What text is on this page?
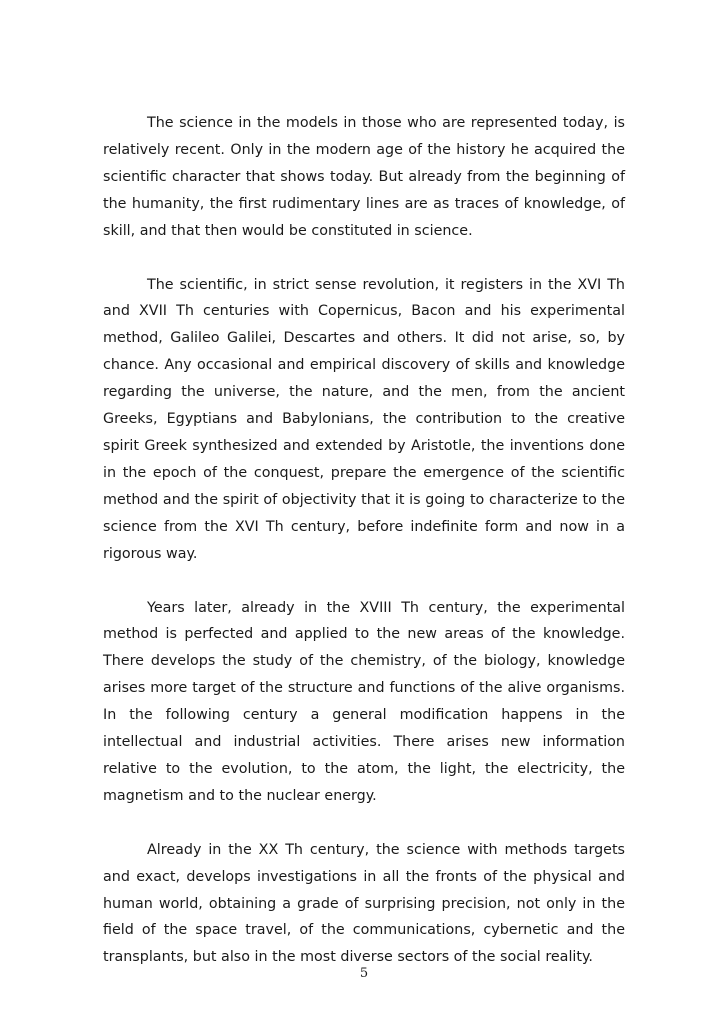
The science in the models in those who are represented today, is relatively recent. Only in the modern age of the history he acquired the scientific character that shows today. But already from the beginning of the humanity, the first rudimentary lines are as traces of knowledge, of skill, and that then would be constituted in science.

The scientific, in strict sense revolution, it registers in the XVI Th and XVII Th centuries with Copernicus, Bacon and his experimental method, Galileo Galilei, Descartes and others. It did not arise, so, by chance. Any occasional and empirical discovery of skills and knowledge regarding the universe, the nature, and the men, from the ancient Greeks, Egyptians and Babylonians, the contribution to the creative spirit Greek synthesized and extended by Aristotle, the inventions done in the epoch of the conquest, prepare the emergence of the scientific method and the spirit of objectivity that it is going to characterize to the science from the XVI Th century, before indefinite form and now in a rigorous way.

Years later, already in the XVIII Th century, the experimental method is perfected and applied to the new areas of the knowledge. There develops the study of the chemistry, of the biology, knowledge arises more target of the structure and functions of the alive organisms. In the following century a general modification happens in the intellectual and industrial activities. There arises new information relative to the evolution, to the atom, the light, the electricity, the magnetism and to the nuclear energy.

Already in the XX Th century, the science with methods targets and exact, develops investigations in all the fronts of the physical and human world, obtaining a grade of surprising precision, not only in the field of the space travel, of the communications, cybernetic and the transplants, but also in the most diverse sectors of the social reality.

5
